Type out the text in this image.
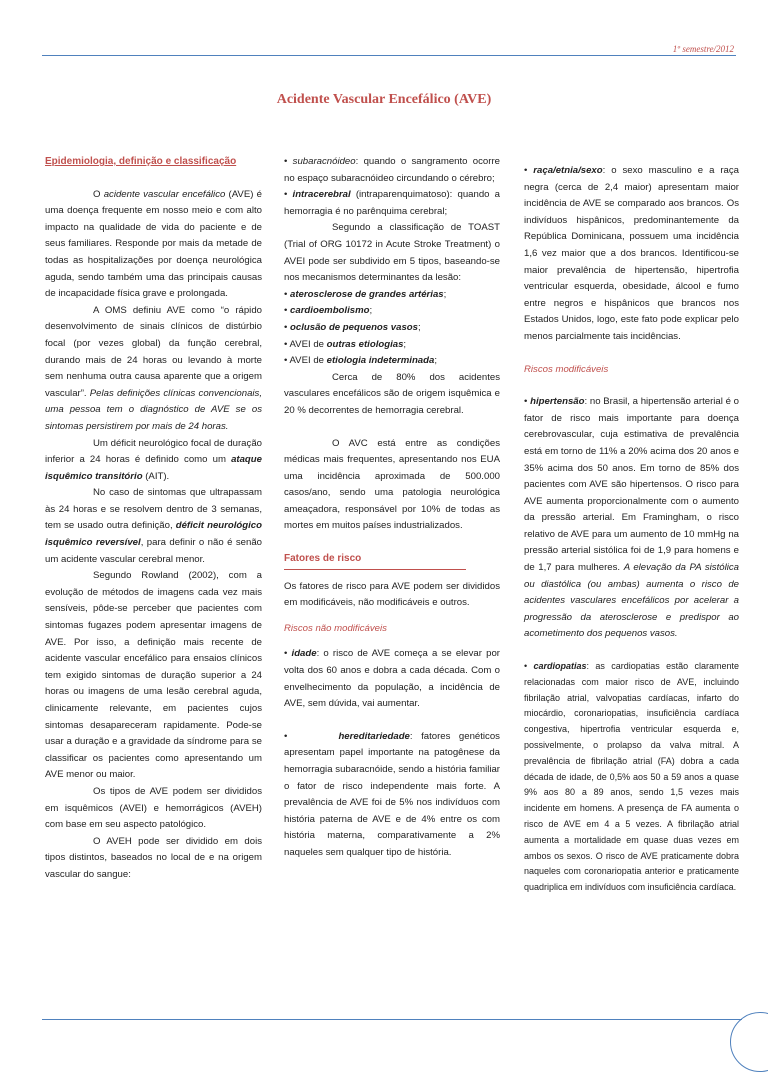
1º semestre/2012
Acidente Vascular Encefálico (AVE)

Epidemiologia, definição e classificação

O acidente vascular encefálico (AVE) é uma doença frequente em nosso meio e com alto impacto na qualidade de vida do paciente e de seus familiares. Responde por mais da metade de todas as hospitalizações por doença neurológica aguda, sendo também uma das principais causas de incapacidade física grave e prolongada.

A OMS definiu AVE como “o rápido desenvolvimento de sinais clínicos de distúrbio focal (por vezes global) da função cerebral, durando mais de 24 horas ou levando à morte sem nenhuma outra causa aparente que a origem vascular”. Pelas definições clínicas convencionais, uma pessoa tem o diagnóstico de AVE se os sintomas persistirem por mais de 24 horas.

Um déficit neurológico focal de duração inferior a 24 horas é definido como um ataque isquêmico transitório (AIT).

No caso de sintomas que ultrapassam às 24 horas e se resolvem dentro de 3 semanas, tem se usado outra definição, déficit neurológico isquêmico reversível, para definir o não é senão um acidente vascular cerebral menor.

Segundo Rowland (2002), com a evolução de métodos de imagens cada vez mais sensíveis, pôde-se perceber que pacientes com sintomas fugazes podem apresentar imagens de AVE. Por isso, a definição mais recente de acidente vascular encefálico para ensaios clínicos tem exigido sintomas de duração superior a 24 horas ou imagens de uma lesão cerebral aguda, clinicamente relevante, em pacientes cujos sintomas desapareceram rapidamente. Pode-se usar a duração e a gravidade da síndrome para se classificar os pacientes como apresentando um AVE menor ou maior.

Os tipos de AVE podem ser divididos em isquêmicos (AVEI) e hemorrágicos (AVEH) com base em seu aspecto patológico.

O AVEH pode ser dividido em dois tipos distintos, baseados no local de e na origem vascular do sangue:

• subaracnóideo: quando o sangramento ocorre no espaço subaracnóideo circundando o cérebro;

• intracerebral (intraparenquimatoso): quando a hemorragia é no parênquima cerebral;

Segundo a classificação de TOAST (Trial of ORG 10172 in Acute Stroke Treatment) o AVEI pode ser subdivido em 5 tipos, baseando-se nos mecanismos determinantes da lesão:

• aterosclerose de grandes artérias;

• cardioembolismo;

• oclusão de pequenos vasos;

• AVEI de outras etiologias;

• AVEI de etiologia indeterminada;

Cerca de 80% dos acidentes vasculares encefálicos são de origem isquêmica e 20 % decorrentes de hemorragia cerebral.

O AVC está entre as condições médicas mais frequentes, apresentando nos EUA uma incidência aproximada de 500.000 casos/ano, sendo uma patologia neurológica ameaçadora, responsável por 10% de todas as mortes em muitos países industrializados.

Fatores de risco

Os fatores de risco para AVE podem ser divididos em modificáveis, não modificáveis e outros.

Riscos não modificáveis

• idade: o risco de AVE começa a se elevar por volta dos 60 anos e dobra a cada década. Com o envelhecimento da população, a incidência de AVE, sem dúvida, vai aumentar.

•      hereditariedade: fatores genéticos apresentam papel importante na patogênese da hemorragia subaracnóide, sendo a história familiar o fator de risco independente mais forte. A prevalência de AVE foi de 5% nos indivíduos com história paterna de AVE e de 4% entre os com história materna, comparativamente a 2% naqueles sem qualquer tipo de história.

• raça/etnia/sexo: o sexo masculino e a raça negra (cerca de 2,4 maior) apresentam maior incidência de AVE se comparado aos brancos. Os indivíduos hispânicos, predominantemente da República Dominicana, possuem uma incidência 1,6 vez maior que a dos brancos. Identificou-se maior prevalência de hipertensão, hipertrofia ventricular esquerda, obesidade, álcool e fumo entre negros e hispânicos que brancos nos Estados Unidos, logo, este fato pode explicar pelo menos parcialmente tais incidências.

Riscos modificáveis

• hipertensão: no Brasil, a hipertensão arterial é o fator de risco mais importante para doença cerebrovascular, cuja estimativa de prevalência está em torno de 11% a 20% acima dos 20 anos e 35% acima dos 50 anos. Em torno de 85% dos pacientes com AVE são hipertensos. O risco para AVE aumenta proporcionalmente com o aumento da pressão arterial. Em Framingham, o risco relativo de AVE para um aumento de 10 mmHg na pressão arterial sistólica foi de 1,9 para homens e de 1,7 para mulheres. A elevação da PA sistólica ou diastólica (ou ambas) aumenta o risco de acidentes vasculares encefálicos por acelerar a progressão da aterosclerose e predispor ao acometimento dos pequenos vasos.

• cardiopatias: as cardiopatias estão claramente relacionadas com maior risco de AVE, incluindo fibrilação atrial, valvopatias cardíacas, infarto do miocárdio, coronariopatias, insuficiência cardíaca congestiva, hipertrofia ventricular esquerda e, possivelmente, o prolapso da valva mitral. A prevalência de fibrilação atrial (FA) dobra a cada década de idade, de 0,5% aos 50 a 59 anos a quase 9% aos 80 a 89 anos, sendo 1,5 vezes mais incidente em homens. A presença de FA aumenta o risco de AVE em 4 a 5 vezes. A fibrilação atrial aumenta a mortalidade em quase duas vezes em ambos os sexos. O risco de AVE praticamente dobra naqueles com coronariopatia anterior e praticamente quadriplica em indivíduos com insuficiência cardíaca.
